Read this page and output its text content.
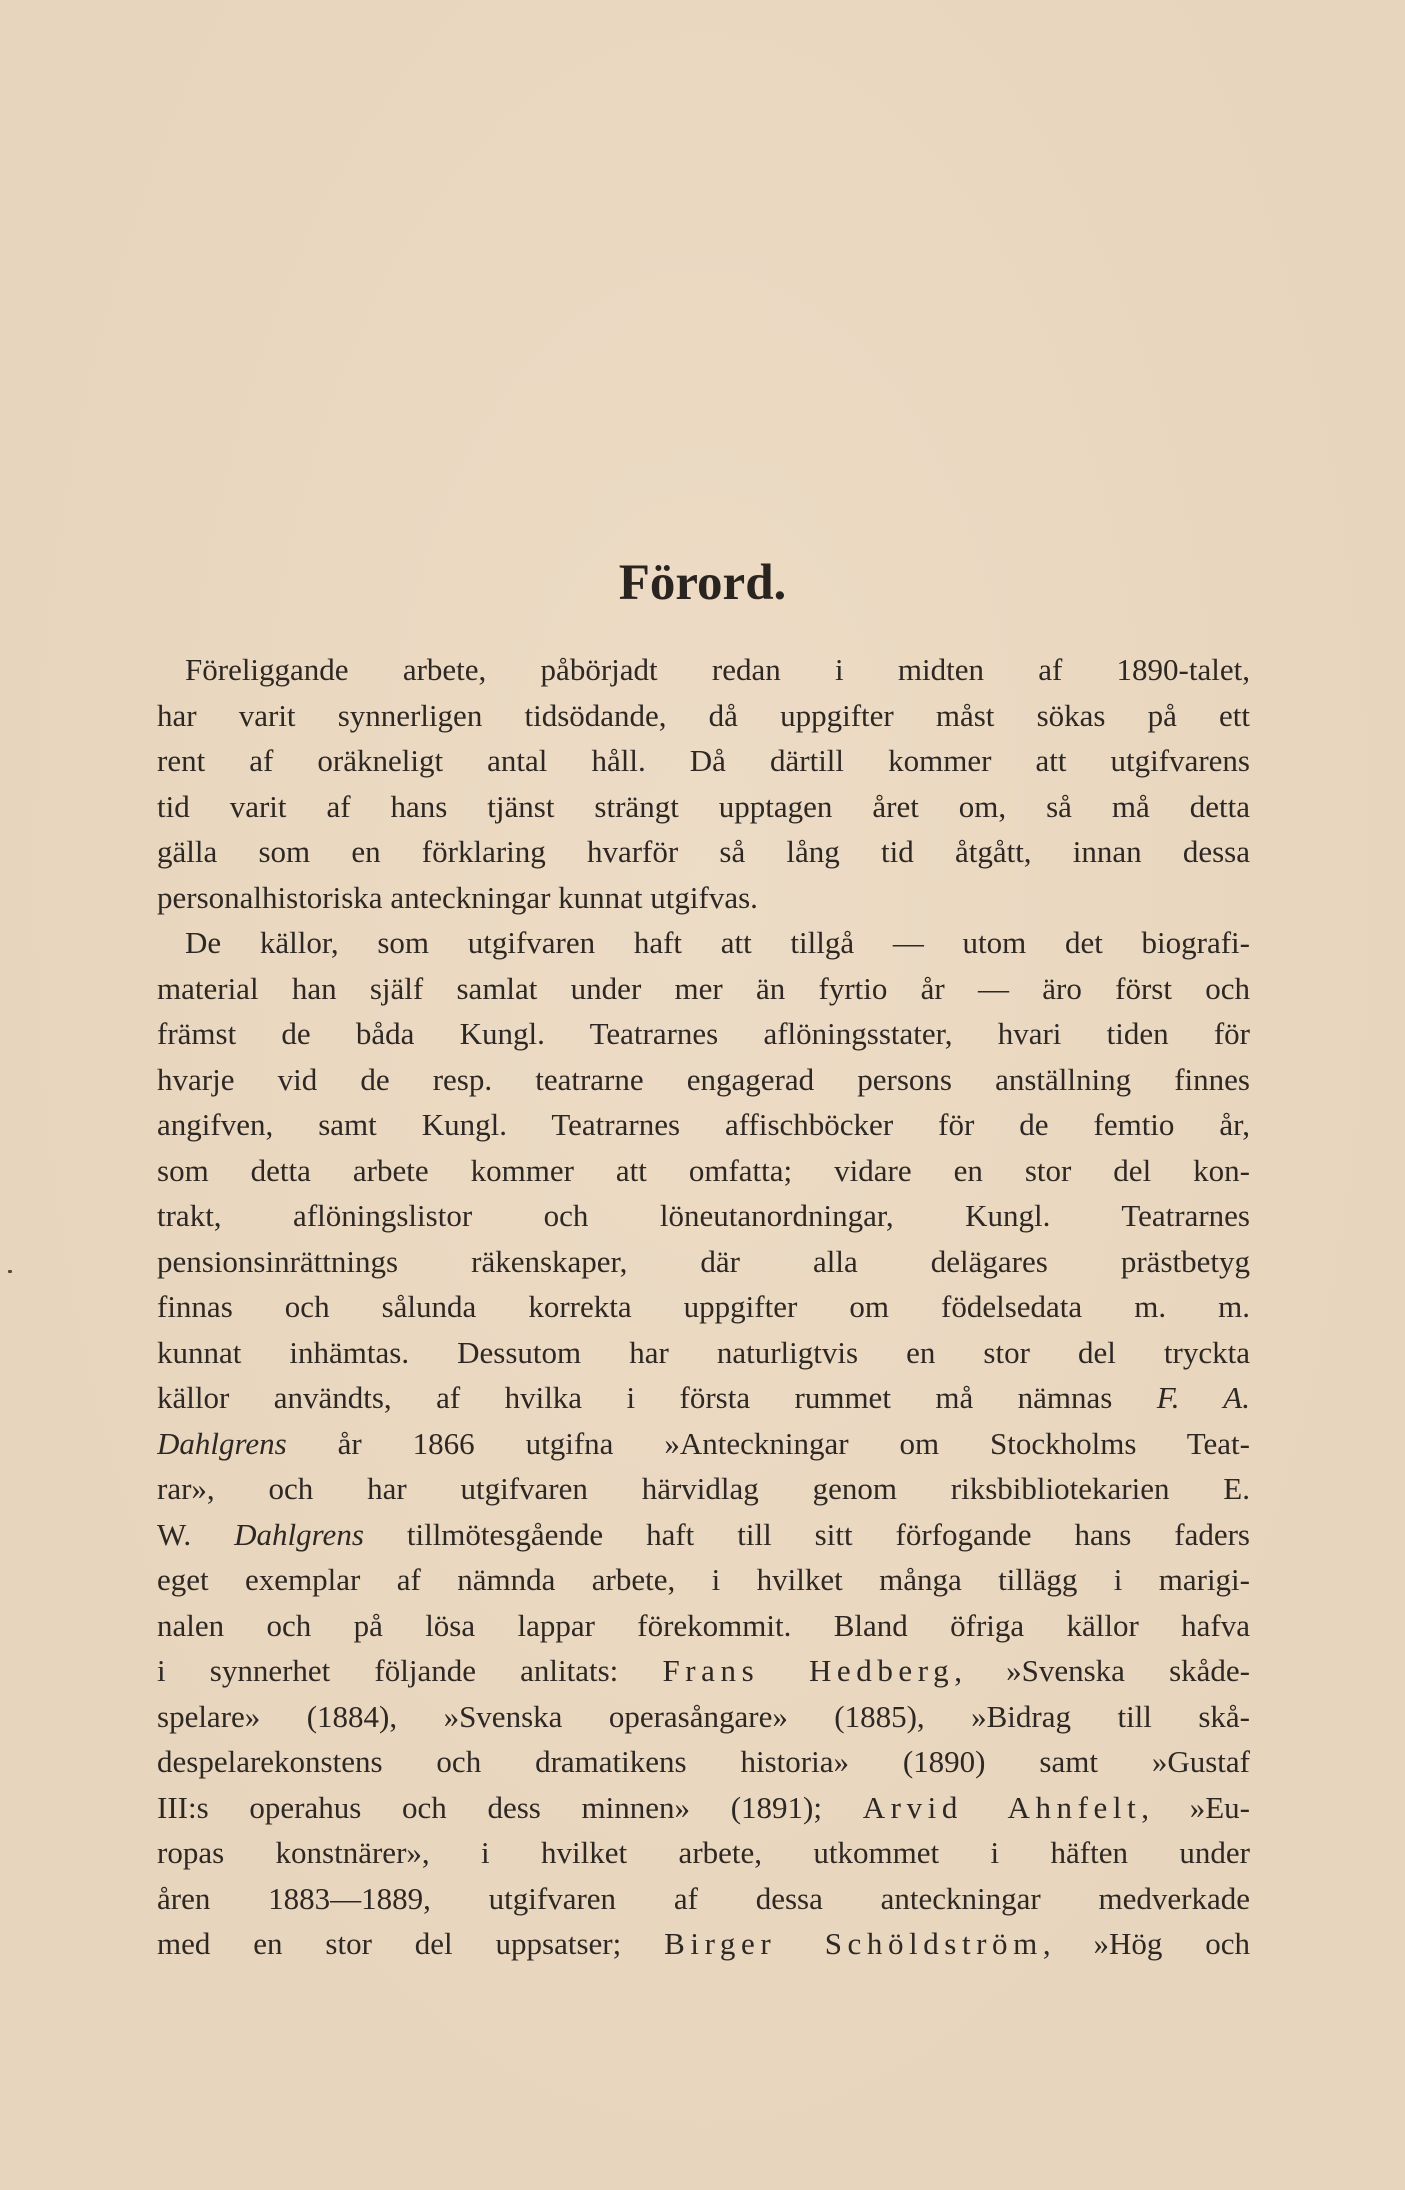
Förord.
Föreliggande arbete, påbörjadt redan i midten af 1890‑talet,
har varit synnerligen tidsödande, då uppgifter måst sökas på ett
rent af oräkneligt antal håll. Då därtill kommer att utgifvarens
tid varit af hans tjänst strängt upptagen året om, så må detta
gälla som en förklaring hvarför så lång tid åtgått, innan dessa
personalhistoriska anteckningar kunnat utgifvas.
De källor, som utgifvaren haft att tillgå — utom det biografi‑
material han själf samlat under mer än fyrtio år — äro först och
främst de båda Kungl. Teatrarnes aflöningsstater, hvari tiden för
hvarje vid de resp. teatrarne engagerad persons anställning finnes
angifven, samt Kungl. Teatrarnes affischböcker för de femtio år,
som detta arbete kommer att omfatta; vidare en stor del kon‑
trakt, aflöningslistor och löneutanordningar, Kungl. Teatrarnes
pensionsinrättnings räkenskaper, där alla delägares prästbetyg
finnas och sålunda korrekta uppgifter om födelsedata m. m.
kunnat inhämtas. Dessutom har naturligtvis en stor del tryckta
källor användts, af hvilka i första rummet må nämnas F. A.
Dahlgrens år 1866 utgifna »Anteckningar om Stockholms Teat‑
rar», och har utgifvaren härvidlag genom riksbibliotekarien E.
W. Dahlgrens tillmötesgående haft till sitt förfogande hans faders
eget exemplar af nämnda arbete, i hvilket många tillägg i marigi‑
nalen och på lösa lappar förekommit. Bland öfriga källor hafva
i synnerhet följande anlitats: Frans Hedberg, »Svenska skåde‑
spelare» (1884), »Svenska operasångare» (1885), »Bidrag till skå‑
despelarekonstens och dramatikens historia» (1890) samt »Gustaf
III:s operahus och dess minnen» (1891); Arvid Ahnfelt, »Eu‑
ropas konstnärer», i hvilket arbete, utkommet i häften under
åren 1883—1889, utgifvaren af dessa anteckningar medverkade
med en stor del uppsatser; Birger Schöldström, »Hög och
